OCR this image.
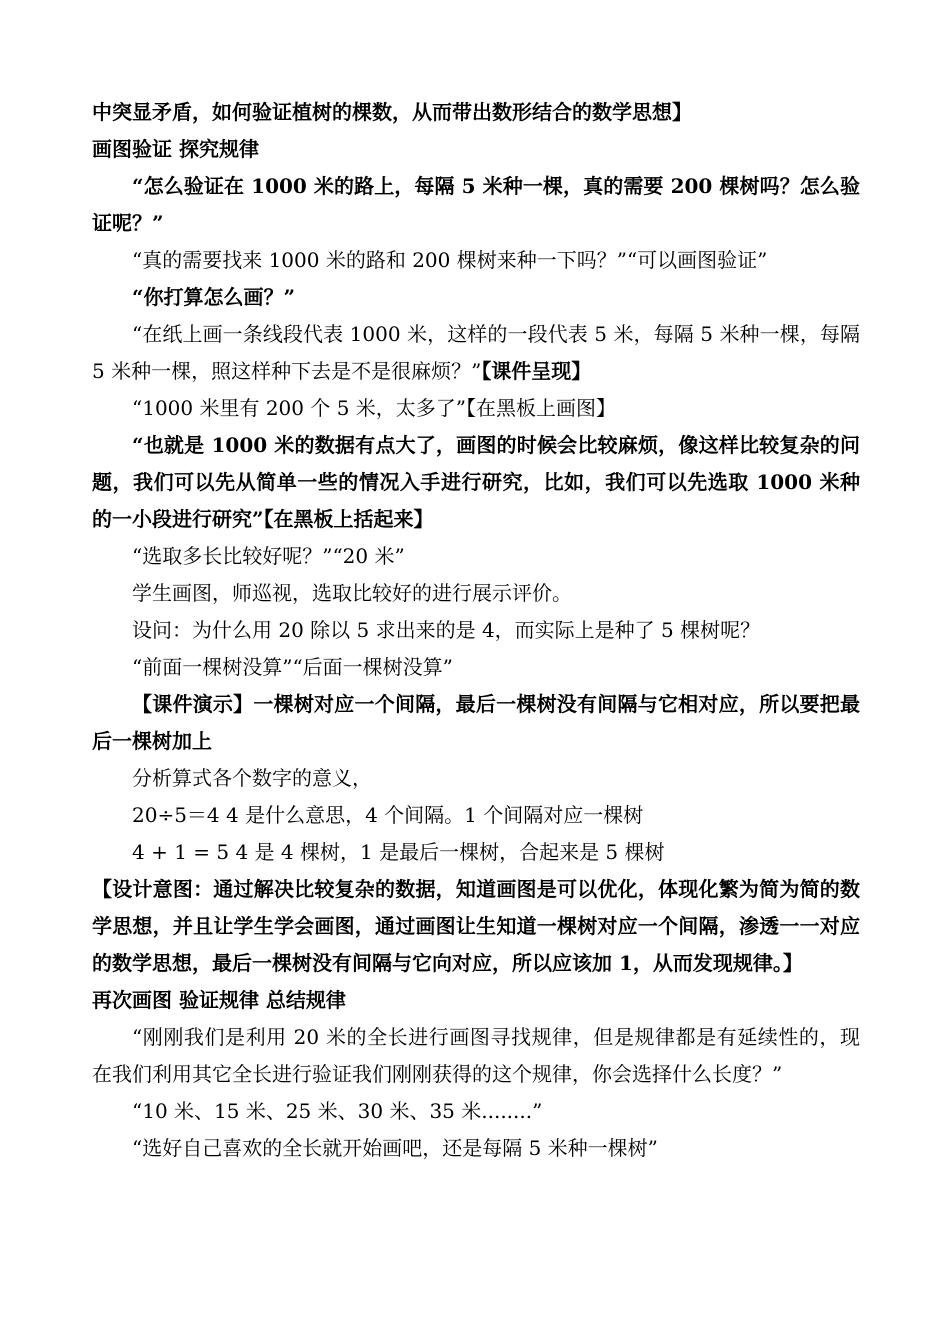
中突显矛盾，如何验证植树的棵数，从而带出数形结合的数学思想】

画图验证 探究规律

“怎么验证在 1000 米的路上，每隔 5 米种一棵，真的需要 200 棵树吗？怎么验证呢？”

“真的需要找来 1000 米的路和 200 棵树来种一下吗？”“可以画图验证”

“你打算怎么画？”

“在纸上画一条线段代表 1000 米，这样的一段代表 5 米，每隔 5 米种一棵，每隔 5 米种一棵，照这样种下去是不是很麻烦？”【课件呈现】

“1000 米里有 200 个 5 米，太多了”【在黑板上画图】

“也就是 1000 米的数据有点大了，画图的时候会比较麻烦，像这样比较复杂的问题，我们可以先从简单一些的情况入手进行研究，比如，我们可以先选取 1000 米种的一小段进行研究”【在黑板上括起来】

“选取多长比较好呢？”“20 米”

学生画图，师巡视，选取比较好的进行展示评价。

设问：为什么用 20 除以 5 求出来的是 4，而实际上是种了 5 棵树呢？

“前面一棵树没算”“后面一棵树没算”

【课件演示】一棵树对应一个间隔，最后一棵树没有间隔与它相对应，所以要把最后一棵树加上

分析算式各个数字的意义，

20÷5＝4 4 是什么意思，4 个间隔。1 个间隔对应一棵树

4 + 1 = 5 4 是 4 棵树，1 是最后一棵树，合起来是 5 棵树

【设计意图：通过解决比较复杂的数据，知道画图是可以优化，体现化繁为简为简的数学思想，并且让学生学会画图，通过画图让生知道一棵树对应一个间隔，渗透一一对应的数学思想，最后一棵树没有间隔与它向对应，所以应该加 1，从而发现规律。】

再次画图 验证规律 总结规律

“刚刚我们是利用 20 米的全长进行画图寻找规律，但是规律都是有延续性的，现在我们利用其它全长进行验证我们刚刚获得的这个规律，你会选择什么长度？”

“10 米、15 米、25 米、30 米、35 米........”

“选好自己喜欢的全长就开始画吧，还是每隔 5 米种一棵树”
